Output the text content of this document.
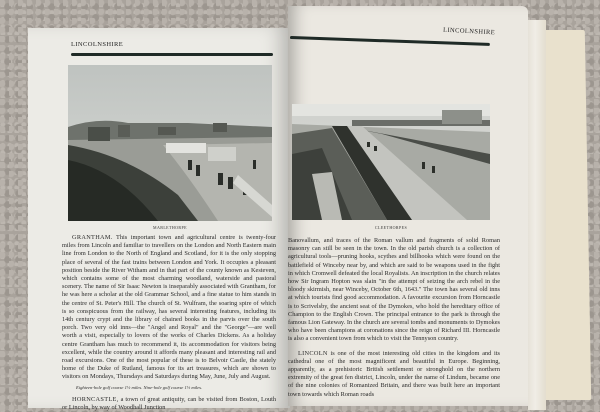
LINCOLNSHIRE
MABLETHORPE

GRANTHAM. This important town and agricultural centre is twenty-four miles from Lincoln and familiar to travellers on the London and North Eastern main line from London to the North of England and Scotland, for it is the only stopping place of several of the fast trains between London and York. It occupies a pleasant position beside the River Witham and in that part of the county known as Kesteven, which contains some of the most charming woodland, waterside and pastoral scenery. The name of Sir Isaac Newton is inseparably associated with Grantham, for he was here a scholar at the old Grammar School, and a fine statue to him stands in the centre of St. Peter's Hill. The church of St. Wulfram, the soaring spire of which is so conspicuous from the railway, has several interesting features, including its 14th century crypt and the library of chained books in the parvis over the south porch. Two very old inns—the "Angel and Royal" and the "George"—are well worth a visit, especially to lovers of the works of Charles Dickens. As a holiday centre Grantham has much to recommend it, its accommodation for visitors being excellent, while the country around it affords many pleasant and interesting rail and road excursions. One of the most popular of these is to Belvoir Castle, the stately home of the Duke of Rutland, famous for its art treasures, which are shown to visitors on Mondays, Thursdays and Saturdays during May, June, July and August.

Eighteen-hole golf course 1½ miles. Nine-hole golf course 1½ miles.

HORNCASTLE, a town of great antiquity, can be visited from Boston, Louth or Lincoln, by way of Woodhall Junction

LINCOLNSHIRE
CLEETHORPES

Banovallum, and traces of the Roman vallum and fragments of solid Roman masonry can still be seen in the town. In the old parish church is a collection of agricultural tools—pruning hooks, scythes and billhooks which were found on the battlefield of Winceby near by, and which are said to be weapons used in the fight in which Cromwell defeated the local Royalists. An inscription in the church relates how Sir Ingram Hopton was slain "in the attempt of seizing the arch rebel in the bloody skirmish, near Winceby, October 6th, 1643." The town has several old inns at which tourists find good accommodation. A favourite excursion from Horncastle is to Scrivelsby, the ancient seat of the Dymokes, who hold the hereditary office of Champion to the English Crown. The principal entrance to the park is through the famous Lion Gateway. In the church are several tombs and monuments to Dymokes who have been champions at coronations since the reign of Richard III. Horncastle is also a convenient town from which to visit the Tennyson country.

LINCOLN is one of the most interesting old cities in the kingdom and its cathedral one of the most magnificent and beautiful in Europe. Beginning, apparently, as a prehistoric British settlement or stronghold on the northern extremity of the great fen district, Lincoln, under the name of Lindum, became one of the nine colonies of Romanized Britain, and there was built here an important town towards which Roman roads
